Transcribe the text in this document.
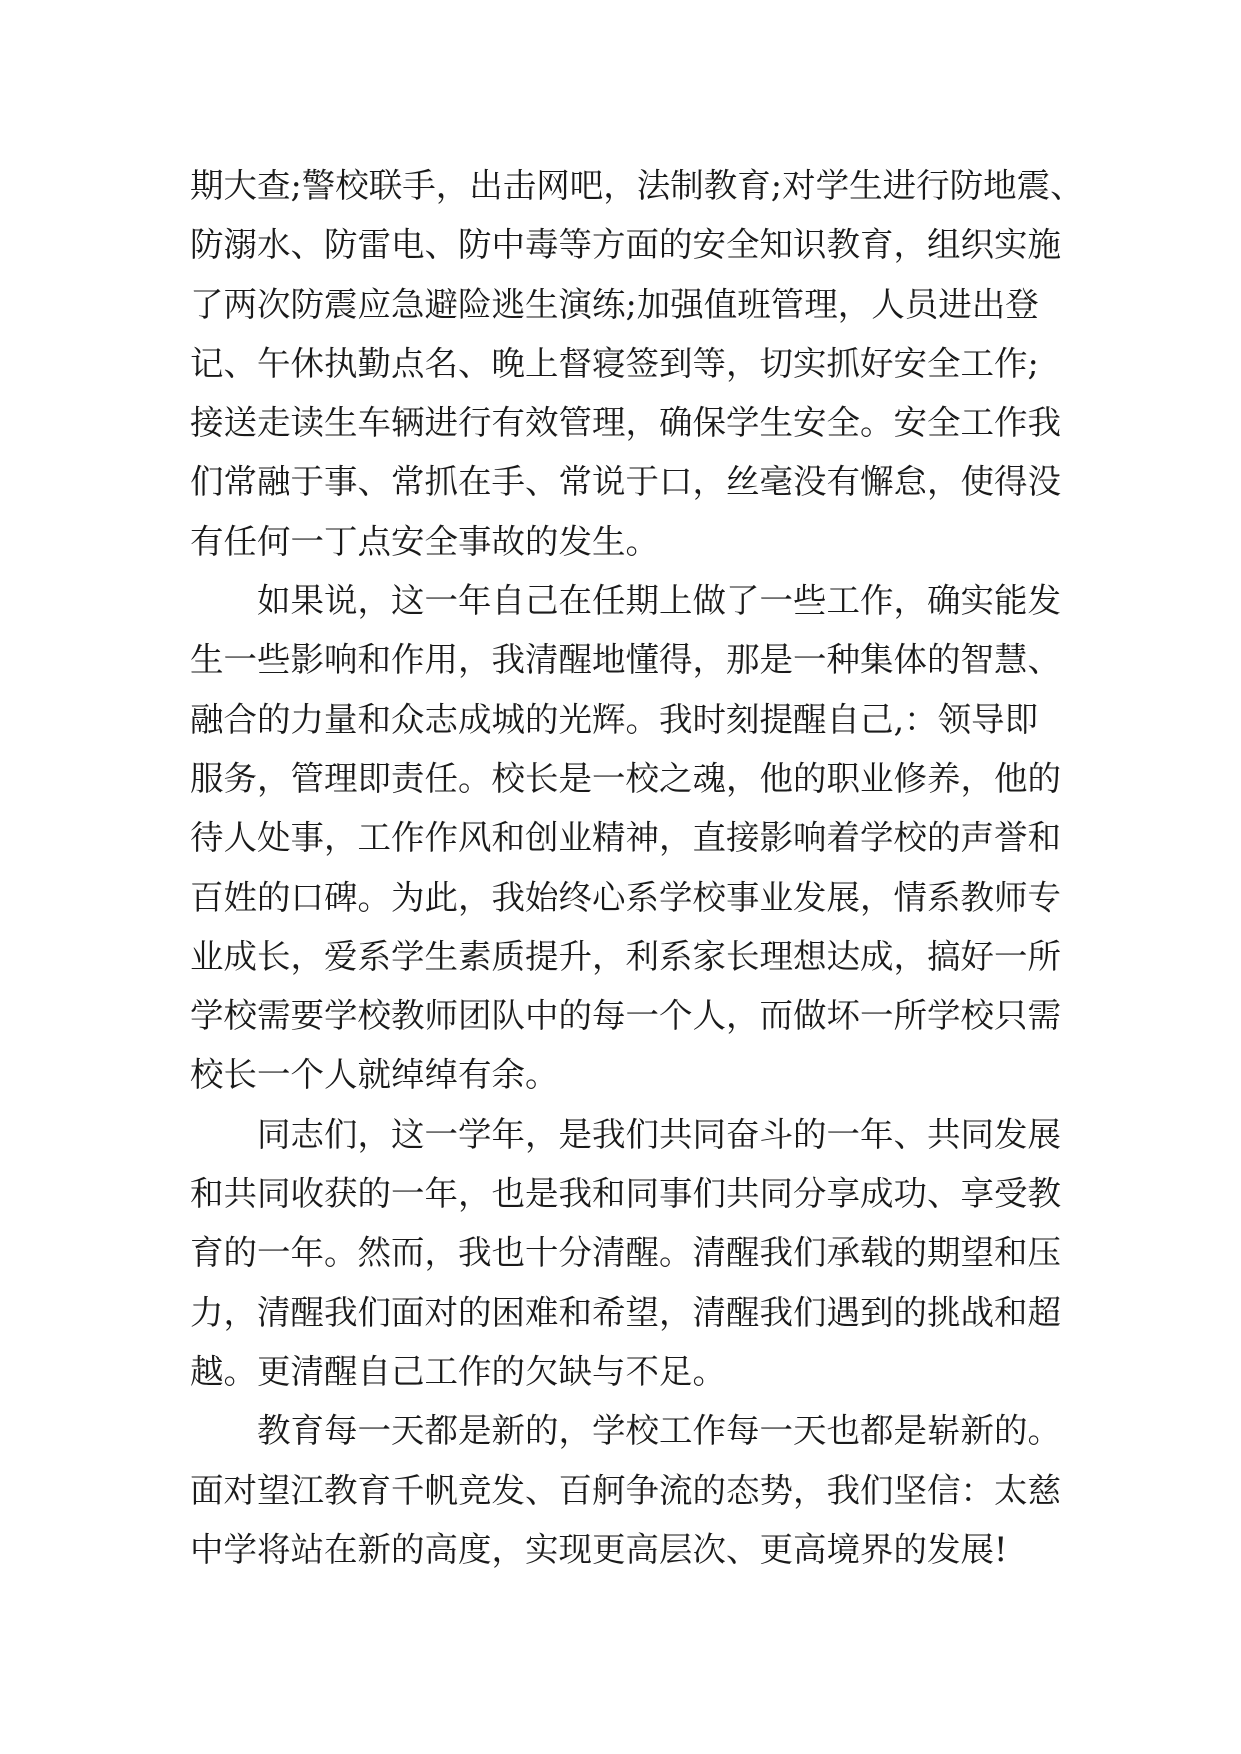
期大查;警校联手，出击网吧，法制教育;对学生进行防地震、
防溺水、防雷电、防中毒等方面的安全知识教育，组织实施
了两次防震应急避险逃生演练;加强值班管理，人员进出登
记、午休执勤点名、晚上督寝签到等，切实抓好安全工作;
接送走读生车辆进行有效管理，确保学生安全。安全工作我
们常融于事、常抓在手、常说于口，丝毫没有懈怠，使得没
有任何一丁点安全事故的发生。
如果说，这一年自己在任期上做了一些工作，确实能发
生一些影响和作用，我清醒地懂得，那是一种集体的智慧、
融合的力量和众志成城的光辉。我时刻提醒自己,：领导即
服务，管理即责任。校长是一校之魂，他的职业修养，他的
待人处事，工作作风和创业精神，直接影响着学校的声誉和
百姓的口碑。为此，我始终心系学校事业发展，情系教师专
业成长，爱系学生素质提升，利系家长理想达成，搞好一所
学校需要学校教师团队中的每一个人，而做坏一所学校只需
校长一个人就绰绰有余。
同志们，这一学年，是我们共同奋斗的一年、共同发展
和共同收获的一年，也是我和同事们共同分享成功、享受教
育的一年。然而，我也十分清醒。清醒我们承载的期望和压
力，清醒我们面对的困难和希望，清醒我们遇到的挑战和超
越。更清醒自己工作的欠缺与不足。
教育每一天都是新的，学校工作每一天也都是崭新的。
面对望江教育千帆竞发、百舸争流的态势，我们坚信：太慈
中学将站在新的高度，实现更高层次、更高境界的发展!
